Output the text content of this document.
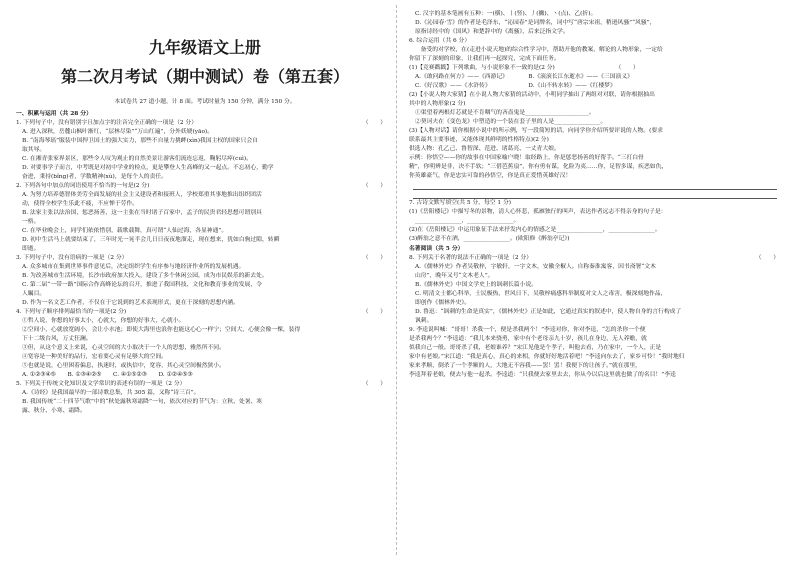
九年级语文上册
第二次月考试（期中测试）卷（第五套）
本试卷共 27 道小题，计 8 面。考试时量为 150 分钟，满分 150 分。
一、积累与运用（共 28 分）
1. 下列句子中，没有错别字且加点字的注音完全正确的一项是（2 分）	（　　）
A. 进入深秋，岳麓山枫叶渐红，“层林尽染”“万山红遍”，分外妖娆(yāo)。
B. “南海琴瑶”服装中国捍卫国土的强大实力，那些不自量力挑衅(xìn)我国主权的国家只会自
取其辱。
C. 在湘青张家界景区，那些令人叹为观止的自然美景让游客们流连忘返，鞠躬尽瘁(cuì)。
D. 对要事学子而言，中考既是对初中学业的检点，更是攀登人生高峰的又一起点。不忘初心，勤学
奋进，秉持(bǐng)者，学数精神(xù)，是每个人的责任。
2. 下列各句中加点的词语使用不恰当的一句是(2 分)	（　　）
A. 为努力培养德智体美劳全面发展的社会主义建设者和接班人，学校郑重其事地推出组织团活
动，使得全校学生乐此不疲，不应惮于劳作。
B. 法家主张以法治国，惩恶扬善，这一主张在当时诸子百家中，孟子的民贵君轻思想可谓别具
一格。
C. 在毕业晚会上，同学们依依惜别，载歌载舞，真可谓“人仙过海，各显神通”。
D. 初中生活马上就要结束了，三年时光一晃半会儿日日夜夜地溜走，现在想来，犹如白驹过隙，转瞬
即逝。
3. 下列句子中，没有语病的一项是（2 分）	（　　）
A. 众多城市在集到世界事件意见后，决定组织学生有序参与地经济作业所的发展机遇。
B. 为改善城市生活环境，长沙市政府加大投入，建设了多个休闲公园，成为市民娱乐的新去处。
C. 第二届“一带一路”国际合作高峰论坛的召开，推进了我国科技、文化和教育事业的发展，令
人瞩目。
D. 作为一名文艺工作者，不仅在于它说到的艺术表现形式，更在于深刻的思想内涵。
4. 下列句子顺序排列最恰当的一项是(2 分)	（　　）
①哲人说，你想的好事太小，心就大，你想的好事大，心就小。
②空间小，心就放宽阔小，会让小水池；即使大海里也浪你也能这心心一样宁；空间大，心便会像一棵，装得
下十二级台风，万丈狂澜。
③但，从这个意义上来说，心灵空间的大小取决于一个人的思想，雅然所不同。
④宽容是一种美好的品行，宏看要心灵有足够大的空间。
⑤也就是说，心里困着偏息，执迷时，或执信中，宽容，其心灵空间极然狭小。
A. ①②③④⑤　　B. ①③④②⑤　　C. ④①⑤②③　　D. ①②④⑤③
5. 下列关于传统文化知识及文学常识的表述有误的一项是（2 分）	（　　）
A.《诗经》是我国最早的一部诗歌总集，共 305 篇，又称“诗三百”。
B. 我国传统“二十四节气歌”中的“秋处露秋寒霜降”一句，依次对应的节气为：立秋、处暑、寒
露、秋分、小寒、霜降。
C. 汉字的基本笔画有五种：一(横)、丨(竖)、丿(撇)、丶(点)、乙(折)。
D.《沁园春·雪》的作者是毛泽东，“沁园春”是词牌名，词中写“唐宗宋祖，稍逊风骚”“风骚”，
原指诗经中的《国风》和楚辞中的《离骚》，后来泛指文学。
6. 综合运用（共 6 分）
　　备受的对学校，在(走进小说天地)的综合性学习中，帮助开他的教案，解论的人物形象，一定给
你留下了深刻的印象，让我们再一起探究，完成下面任务。
(1)【竞赛戳戳】下列歌曲，与小说形象不一致的是(2 分)　　　　　　　　　　　（　　）
A.《敢问路在何方》——《西游记》　　　　B.《滚滚长江东逝水》——《三国演义》
C.《好汉歌》——《水浒传》　　　　　　　D.《山不转水转》——《红楼梦》
(2)【小说人物大家猜】在小说人物大家猜的活动中，小明同学抽出了两组对对联，请你根据抽出
其中的人物形象(2 分)
①渠望着两根灯芯就是不肯咽气的吝啬鬼是______________________。
②契诃夫在《变色龙》中塑造的一个装在套子里的人是________________。
(3)【人物对话】请你根据小说中的所示例，写一段简短的话，向同学你介绍所要评说的人物。(要求
联系最其主要事迹，又能体现其鲜明的性格特点)(2 分)
供选人物：孔乙己、鲁智深、范进、诸葛亮、一丈青大娘。
示例：你悟空——你的故事在中国家喻户晓！取经路上，你是惩恶扬善的好帮手。“三打白骨
精”，你明辨是非，决不手软；“三借芭蕉扇”，你有勇有谋，化险为夷……你，足智多谋，疾恶如仇，
你英雄豪气，你是忠实可靠的孙悟空，你是真正爱惜英雄好汉！
7. 古诗文默写填空(共 5 分，每空 1 分)
(1)《岳阳楼记》中描写冬的景物，清人心怀悲，孤雁独行的叫声，表达作者远志不得亲身的句子是：
________________，________________。
(2)在《岳阳楼记》中运用象征手法来抒发内心的情感之是________________，________________。
(3)醉翁之意不在酒，________________。(欧阳修《醉翁亭记》)
名著阅读（共 5 分）
8. 下列关于名著的说法不正确的一项是（2 分）	（　　）
A.《儒林外史》作者吴敬梓，字敏轩，一字文木，安徽全椒人。自称秦淮寓客，因书斋署“文木
山房”，晚年又号“文木老人”。
B.《儒林外史》中国文学史上的讽刺长篇小说。
C. 明清文士都心科举，士民极热，世风日下，吴敬梓痛感科举制度对文人之毒害，极深刻地作品，
即创作《儒林外史》。
D. 鲁迅：“讽刺的生命是真实”，《儒林外史》正是如此，它通过真实的叙述中，使人物自身的言行构成了
讽刺。
9. 李逵说叫喊：“哥哥！杀我一个，便是杀我两个！”李逵对你，你对李逵，“怎的杀你一个便
是杀我两个？”李逵道：“我儿本来骁勇，家中有个老母亲九十岁，孩儿在身边，无人养赡，就
似我自己一般。哥哥杀了我，老娘谁养？”宋江见他是个孝子，叫他去看，乃在家中，一个人，正是
家中有老娘。”宋江道：“我是真心，真心的来相，你就好好地活着吧！”李逵向东去了，家乡可怜！“我时地归
家来孝顺，倒杀了一个孝顺的人，大地无不容我——罢！罢！我便下的让孩子。”就在那里，
李逵拜着老娘，便去与他一起杀。李逵道：“只我便去家里去去，你从今以后这里就也做了的名目！”李逵
